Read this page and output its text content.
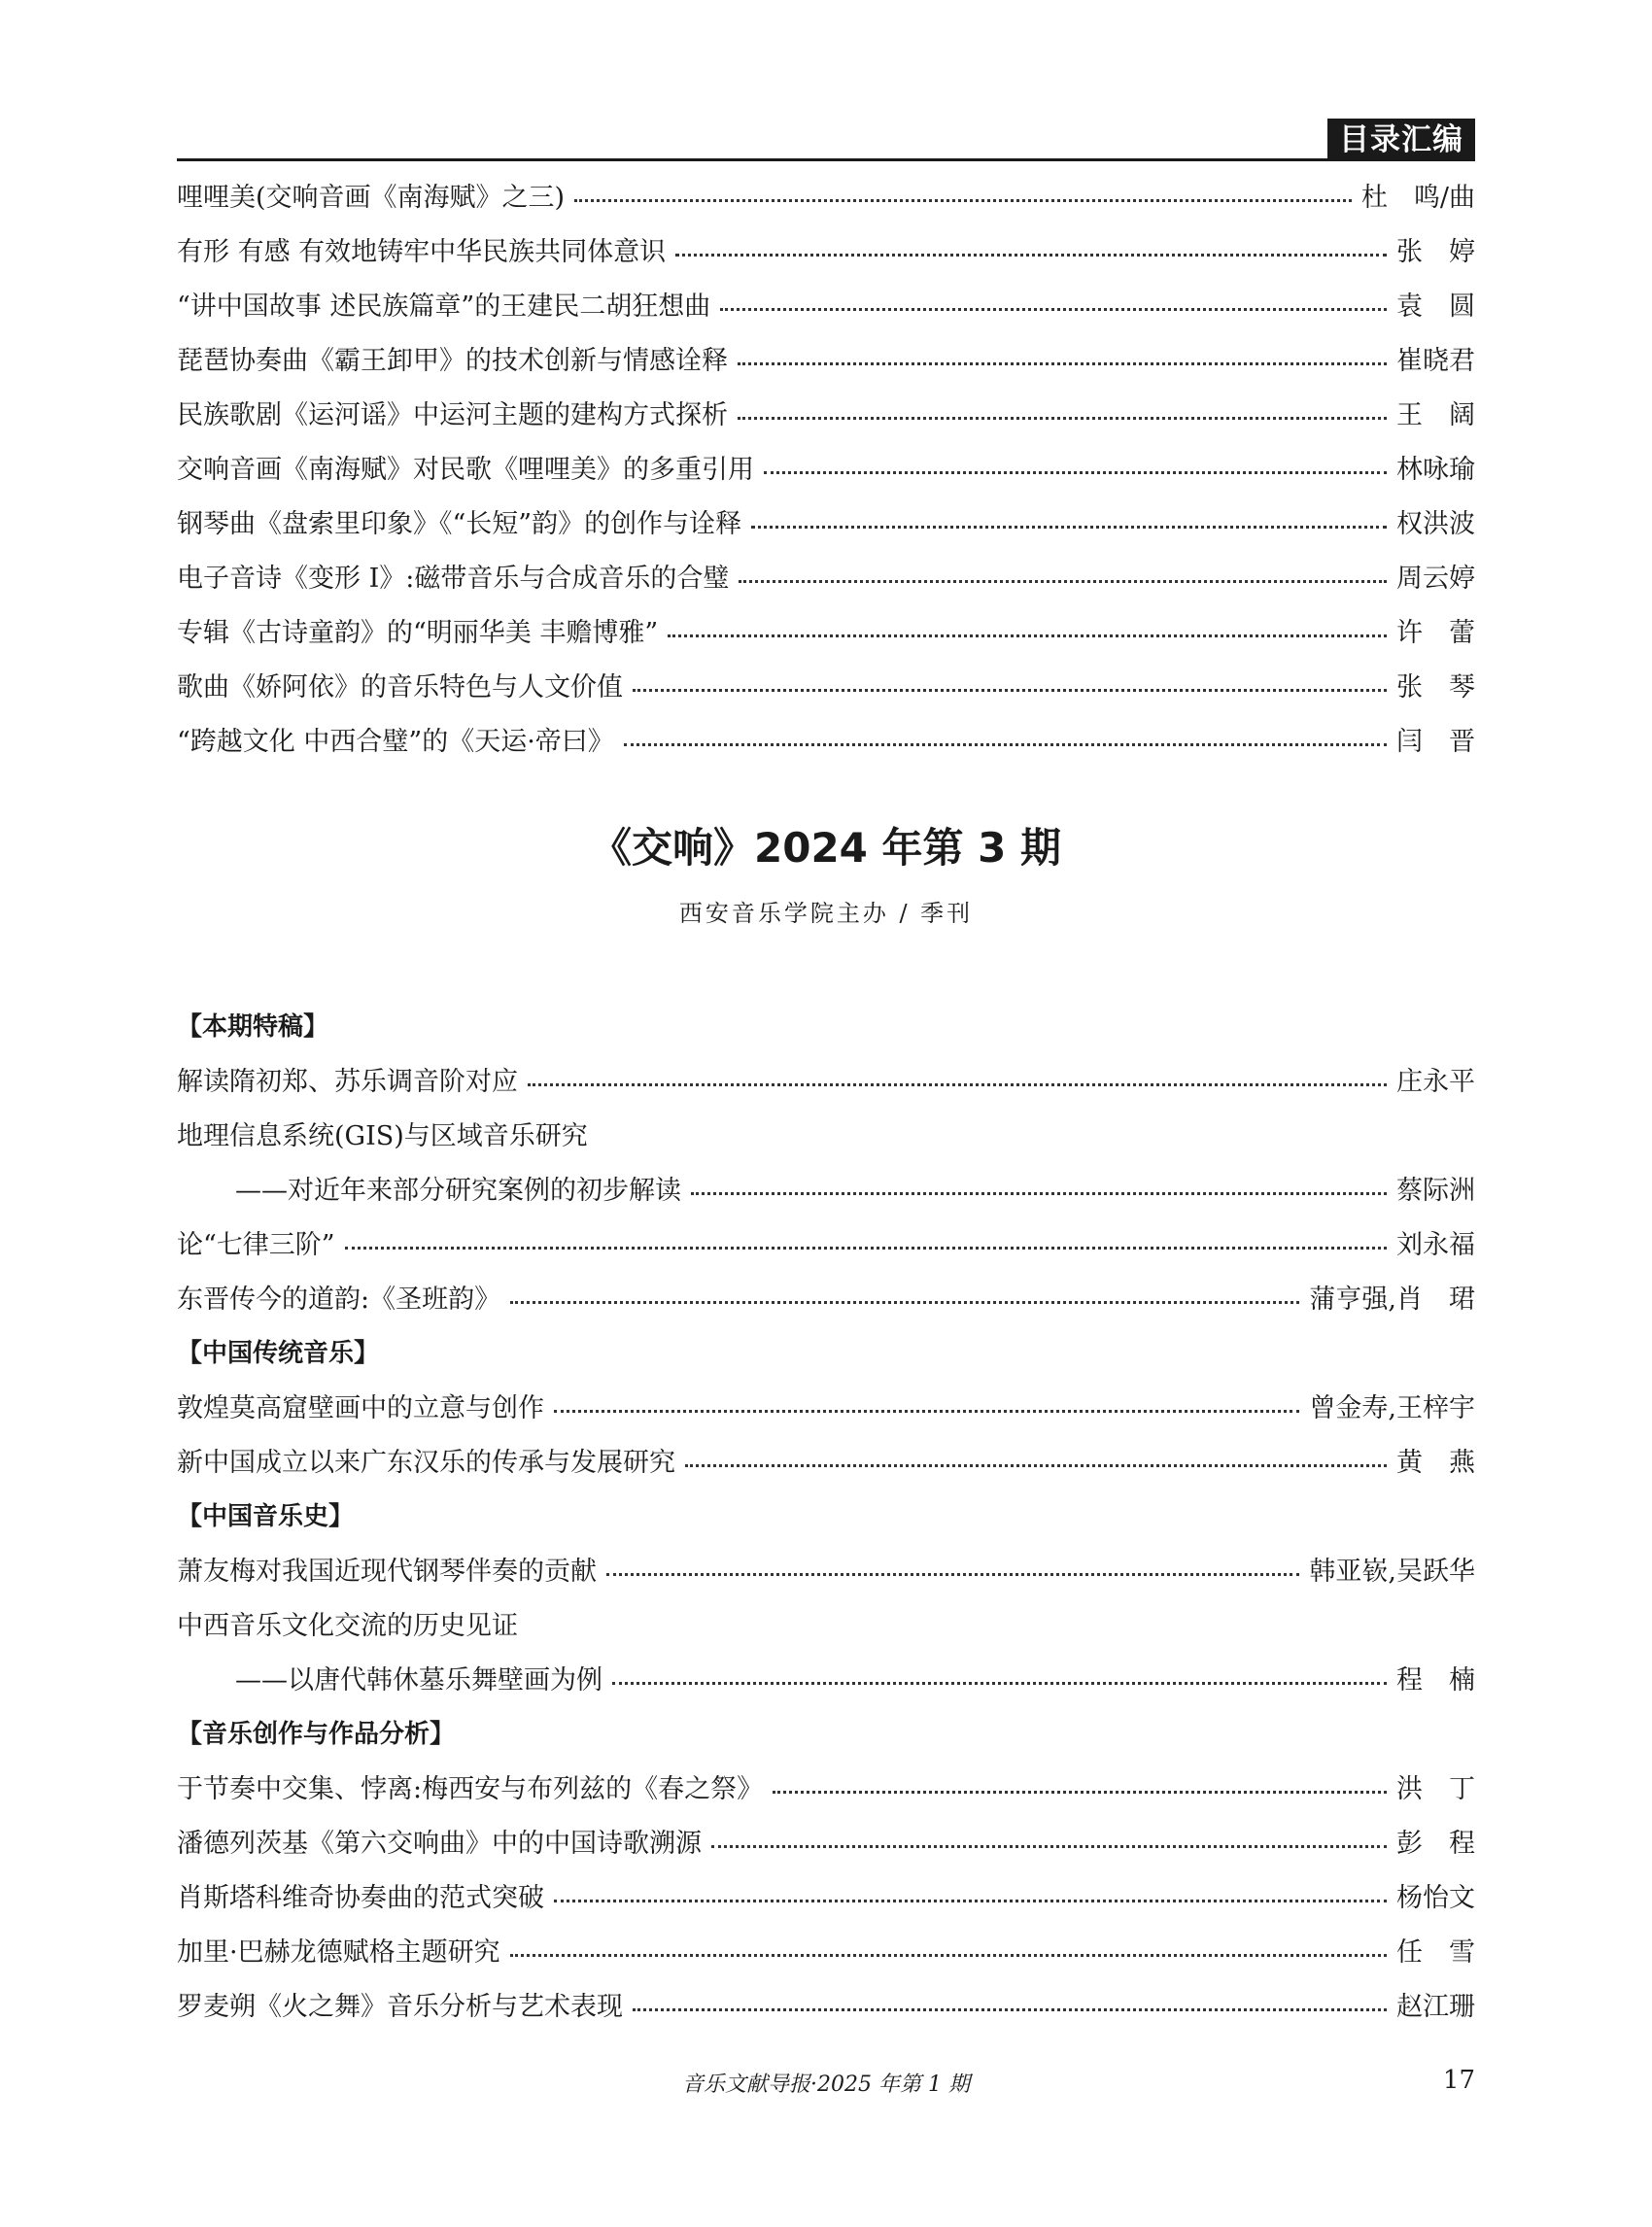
目录汇编
哩哩美(交响音画《南海赋》之三)	杜　鸣/曲
有形 有感 有效地铸牢中华民族共同体意识	张　婷
“讲中国故事 述民族篇章”的王建民二胡狂想曲	袁　圆
琵琶协奏曲《霸王卸甲》的技术创新与情感诠释	崔晓君
民族歌剧《运河谣》中运河主题的建构方式探析	王　阔
交响音画《南海赋》对民歌《哩哩美》的多重引用	林咏瑜
钢琴曲《盘索里印象》《“长短”韵》的创作与诠释	权洪波
电子音诗《变形 Ⅰ》:磁带音乐与合成音乐的合璧	周云婷
专辑《古诗童韵》的“明丽华美 丰赡博雅”	许　蕾
歌曲《娇阿依》的音乐特色与人文价值	张　琴
“跨越文化 中西合璧”的《天运·帝曰》	闫　晋
《交响》2024 年第 3 期
西安音乐学院主办 / 季刊
【本期特稿】
解读隋初郑、苏乐调音阶对应	庄永平
地理信息系统(GIS)与区域音乐研究
——对近年来部分研究案例的初步解读	蔡际洲
论“七律三阶”	刘永福
东晋传今的道韵:《圣班韵》	蒲亨强,肖　珺
【中国传统音乐】
敦煌莫高窟壁画中的立意与创作	曾金寿,王梓宇
新中国成立以来广东汉乐的传承与发展研究	黄　燕
【中国音乐史】
萧友梅对我国近现代钢琴伴奏的贡献	韩亚嵚,吴跃华
中西音乐文化交流的历史见证
——以唐代韩休墓乐舞壁画为例	程　楠
【音乐创作与作品分析】
于节奏中交集、悖离:梅西安与布列兹的《春之祭》	洪　丁
潘德列茨基《第六交响曲》中的中国诗歌溯源	彭　程
肖斯塔科维奇协奏曲的范式突破	杨怡文
加里·巴赫龙德赋格主题研究	任　雪
罗麦朔《火之舞》音乐分析与艺术表现	赵江珊
音乐文献导报·2025 年第 1 期	17
